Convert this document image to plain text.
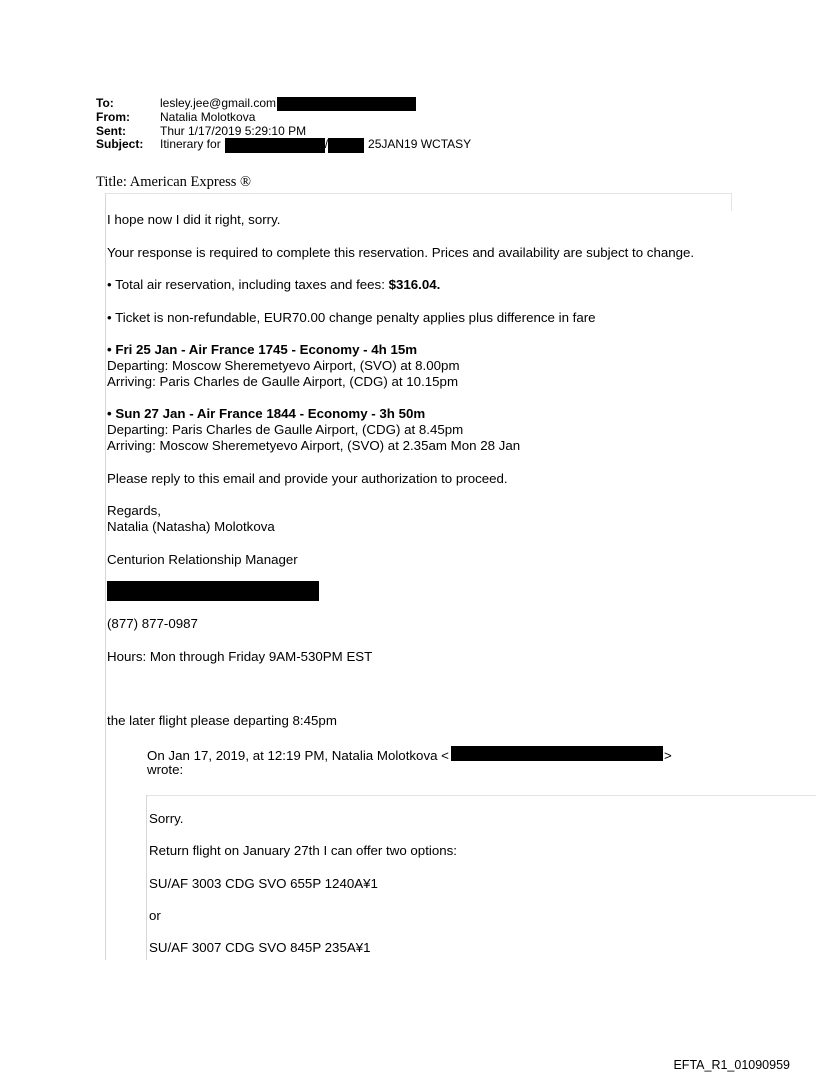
To:	lesley.jee@gmail.com
From:	Natalia Molotkova
Sent:	Thur 1/17/2019 5:29:10 PM
Subject:	Itinerary for	/	25JAN19 WCTASY
Title: American Express ®
I hope now I did it right, sorry.
Your response is required to complete this reservation. Prices and availability are subject to change.
• Total air reservation, including taxes and fees: $316.04.
• Ticket is non-refundable, EUR70.00 change penalty applies plus difference in fare
• Fri 25 Jan - Air France 1745 - Economy - 4h 15m
Departing: Moscow Sheremetyevo Airport, (SVO) at 8.00pm
Arriving: Paris Charles de Gaulle Airport, (CDG) at 10.15pm
• Sun 27 Jan - Air France 1844 - Economy - 3h 50m
Departing: Paris Charles de Gaulle Airport, (CDG) at 8.45pm
Arriving: Moscow Sheremetyevo Airport, (SVO) at 2.35am Mon 28 Jan
Please reply to this email and provide your authorization to proceed.
Regards,
Natalia (Natasha) Molotkova
Centurion Relationship Manager
(877) 877-0987
Hours: Mon through Friday 9AM-530PM EST
the later flight please departing 8:45pm
On Jan 17, 2019, at 12:19 PM, Natalia Molotkova <	>
wrote:
Sorry.
Return flight on January 27th I can offer two options:
SU/AF 3003 CDG SVO 655P 1240A¥1
or
SU/AF 3007 CDG SVO 845P 235A¥1
EFTA_R1_01090959
